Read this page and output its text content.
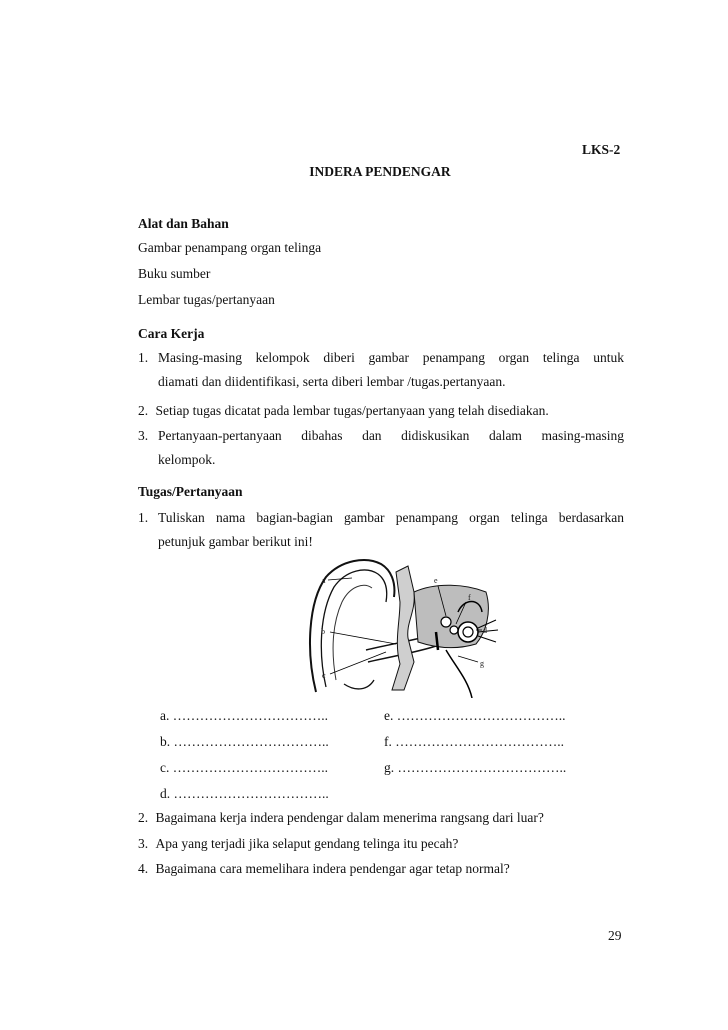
LKS-2
INDERA PENDENGAR
Alat dan Bahan
Gambar penampang organ telinga
Buku sumber
Lembar tugas/pertanyaan
Cara Kerja
1. Masing-masing kelompok diberi gambar penampang organ telinga untuk
diamati dan diidentifikasi, serta diberi lembar /tugas.pertanyaan.
2. Setiap tugas dicatat pada lembar tugas/pertanyaan yang telah disediakan.
3. Pertanyaan-pertanyaan dibahas dan didiskusikan dalam masing-masing
kelompok.
Tugas/Pertanyaan
1. Tuliskan nama bagian-bagian gambar penampang organ telinga berdasarkan
petunjuk gambar berikut ini!
a
b
c
d
e
f
g
a. ……………………………..	e. ………………………………..
b. ……………………………..	f. ………………………………..
c. ……………………………..	g. ………………………………..
d. ……………………………..
2. Bagaimana kerja indera pendengar dalam menerima rangsang dari luar?
3. Apa yang terjadi jika selaput gendang telinga itu pecah?
4. Bagaimana cara memelihara indera pendengar agar tetap normal?
29
